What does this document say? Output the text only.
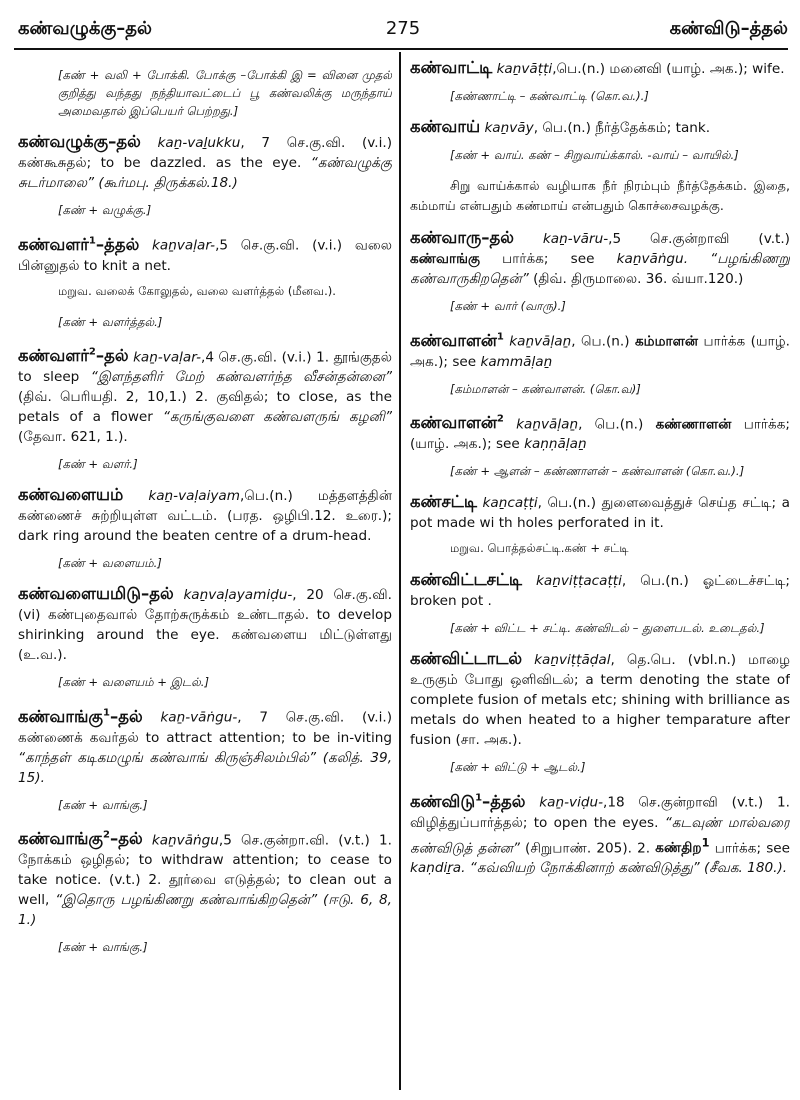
கண்வழுக்கு–தல்	275	கண்விடு–த்தல்
[கண் + வலி + போக்கி. போக்கு –போக்கி இ = வினை முதல் குறித்து வந்தது நந்தியாவட்டைப் பூ கண்வலிக்கு மருந்தாய் அமைவதால் இப்பெயர் பெற்றது.]
கண்வழுக்கு–தல் kaṉ-vaḻukku, 7 செ.கு.வி. (v.i.) கண்கூசுதல்; to be dazzled. as the eye. “கண்வழுக்கு சுடர்மாலை” (கூர்மபு. திருக்கல்.18.)
[கண் + வழுக்கு.]
கண்வளர்$^1$–த்தல் kaṉvaḷar-,5 செ.கு.வி. (v.i.) வலை பின்னுதல் to knit a net.
மறுவ. வலைக் கோலுதல், வலை வளர்த்தல் (மீனவ.).
[கண் + வளர்த்தல்.]
கண்வளர்$^2$–தல் kaṉ-vaḷar-,4 செ.கு.வி. (v.i.) 1. தூங்குதல் to sleep “இளந்தளிர் மேற் கண்வளர்ந்த வீசன்தன்னை” (திவ். பெரியதி. 2, 10,1.) 2. குவிதல்; to close, as the petals of a flower “கருங்குவளை கண்வளருங் கழனி” (தேவா. 621, 1.).
[கண் + வளர்.]
கண்வளையம் kaṉ-vaḷaiyam,பெ.(n.) மத்தளத்தின் கண்ணைச் சுற்றியுள்ள வட்டம். (பரத. ஒழிபி.12. உரை.); dark ring around the beaten centre of a drum-head.
[கண் + வளையம்.]
கண்வளையமிடு–தல் kaṉvaḷayamiḍu-, 20 செ.கு.வி. (vi) கண்புதைவால் தோற்சுருக்கம் உண்டாதல். to develop shirinking around the eye. கண்வளைய மிட்டுள்ளது (உ.வ.).
[கண் + வளையம் + இடல்.]
கண்வாங்கு$^1$–தல் kaṉ-vāṅgu-, 7 செ.கு.வி. (v.i.) கண்ணைக் கவர்தல் to attract attention; to be in-viting “காந்தள் கடிகமழுங் கண்வாங் கிருஞ்சிலம்பில்” (கலித். 39, 15).
[கண் + வாங்கு.]
கண்வாங்கு$^2$–தல் kaṉvāṅgu,5 செ.குன்றா.வி. (v.t.) 1. நோக்கம் ஒழிதல்; to withdraw attention; to cease to take notice. (v.t.) 2. தூர்வை எடுத்தல்; to clean out a well, “இதொரு பழங்கிணறு கண்வாங்கிறதென்” (ஈடு. 6, 8, 1.)
[கண் + வாங்கு.]
கண்வாட்டி kaṉvāṭṭi,பெ.(n.) மனைவி (யாழ். அக.); wife.
[கண்ணாட்டி – கண்வாட்டி (கொ.வ.).]
கண்வாய் kaṉvāy, பெ.(n.) நீர்த்தேக்கம்; tank.
[கண் + வாய். கண் – சிறுவாய்க்கால். -வாய் – வாயில்.]
சிறு வாய்க்கால் வழியாக நீர் நிரம்பும் நீர்த்தேக்கம். இதை, கம்மாய் என்பதும் கண்மாய் என்பதும் கொச்சைவழக்கு.
கண்வாரு–தல் kaṉ-vāru-,5 செ.குன்றாவி (v.t.) கண்வாங்கு பார்க்க; see kaṉvāṅgu. “பழங்கிணறு கண்வாருகிறதென்” (திவ். திருமாலை. 36. வ்யா.120.)
[கண் + வார் (வாரு).]
கண்வாளன்$^1$ kaṉvāḷaṉ, பெ.(n.) கம்மாளன் பார்க்க (யாழ். அக.); see kammāḷaṉ
[கம்மாளன் – கண்வாளன். (கொ.வ)]
கண்வாளன்$^2$ kaṉvāḷaṉ, பெ.(n.) கண்ணாளன் பார்க்க; (யாழ். அக.); see kaṇṇāḷaṉ
[கண் + ஆளன் – கண்ணாளன் – கண்வாளன் (கொ.வ.).]
கண்சட்டி kaṉcaṭṭi, பெ.(n.) துளைவைத்துச் செய்த சட்டி; a pot made wi th holes perforated in it.
மறுவ. பொத்தல்சட்டி.கண் + சட்டி
கண்விட்டசட்டி kaṉviṭṭacaṭṭi, பெ.(n.) ஓட்டைச்சட்டி; broken pot .
[கண் + விட்ட + சட்டி. கண்விடல் – துளைபடல். உடைதல்.]
கண்விட்டாடல் kaṉviṭṭāḍal, தெ.பெ. (vbl.n.) மாழை உருகும் போது ஒளிவிடல்; a term denoting the state of complete fusion of metals etc; shining with brilliance as metals do when heated to a higher temparature after fusion (சா. அக.).
[கண் + விட்டு + ஆடல்.]
கண்விடு$^1$–த்தல் kaṉ-viḍu-,18 செ.குன்றாவி (v.t.) 1. விழித்துப்பார்த்தல்; to open the eyes. “கடவுண் மால்வரை கண்விடுத் தன்ன” (சிறுபாண். 205). 2. கண்திற$^1$ பார்க்க; see kaṇdiṟa. “கவ்வியற் நோக்கினாற் கண்விடுத்து” (சீவக. 180.).
